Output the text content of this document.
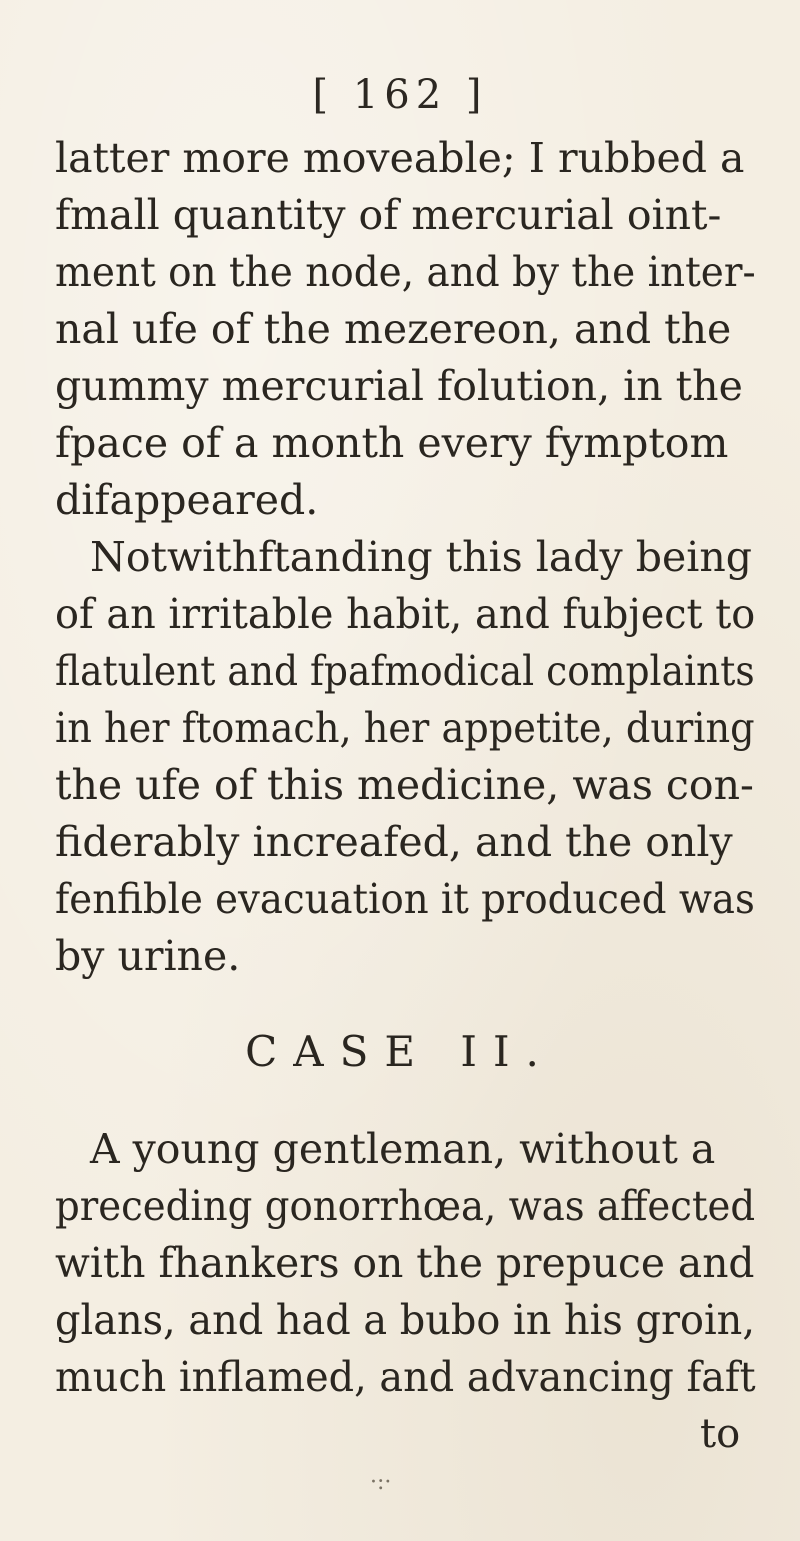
[ 162 ]
latter more moveable; I rubbed a
fmall quantity of mercurial oint-
ment on the node, and by the inter-
nal ufe of the mezereon, and the
gummy mercurial folution, in the
fpace of a month every fymptom
difappeared.
Notwithftanding this lady being
of an irritable habit, and fubject to
flatulent and fpafmodical complaints
in her ftomach, her appetite, during
the ufe of this medicine, was con-
fiderably increafed, and the only
fenfible evacuation it produced was
by urine.
CASE II.
A young gentleman, without a
preceding gonorrhœa, was affected
with fhankers on the prepuce and
glans, and had a bubo in his groin,
much inflamed, and advancing faft
to
·:·
